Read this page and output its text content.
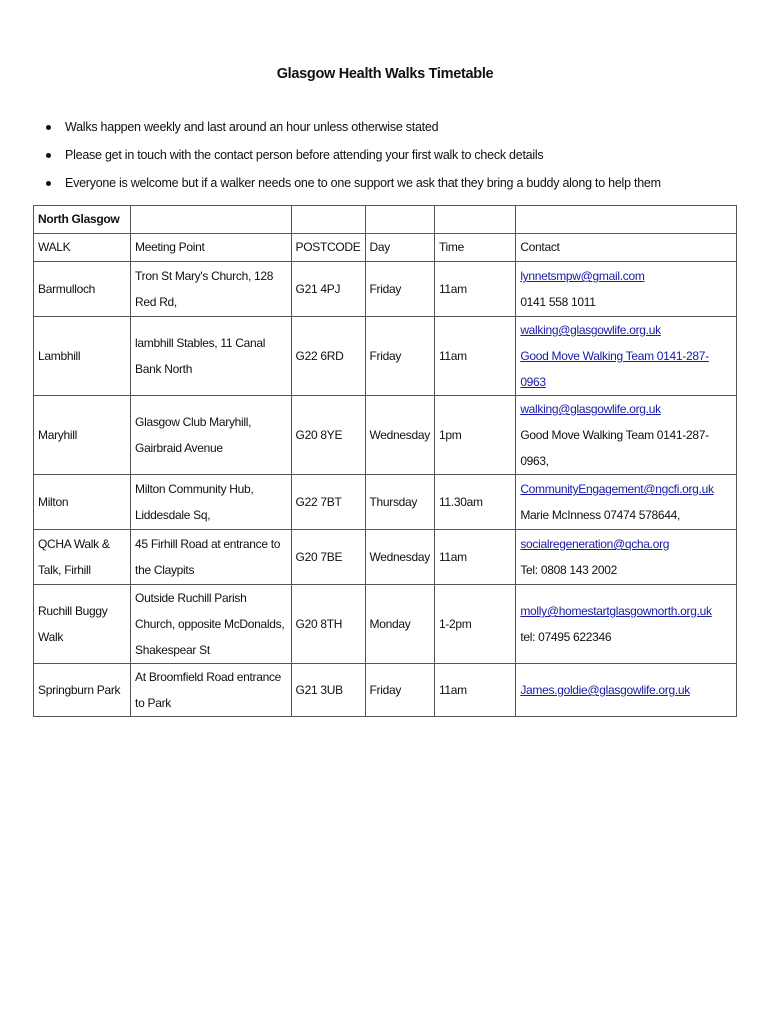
Glasgow Health Walks Timetable
Walks happen weekly and last around an hour unless otherwise stated
Please get in touch with the contact person before attending your first walk to check details
Everyone is welcome but if a walker needs one to one support we ask that they bring a buddy along to help them
North Glasgow					
WALK	Meeting Point	POSTCODE	Day	Time	Contact

Barmulloch	Tron St Mary's Church, 128 Red Rd,	G21 4PJ	Friday	11am	lynnetsmpw@gmail.com
0141 558 1011

Lambhill	lambhill Stables, 11 Canal Bank North	G22 6RD	Friday	11am	walking@glasgowlife.org.uk
Good Move Walking Team 0141-287-0963

Maryhill	Glasgow Club Maryhill, Gairbraid Avenue	G20 8YE	Wednesday	1pm	walking@glasgowlife.org.uk
Good Move Walking Team 0141-287-0963,

Milton	Milton Community Hub, Liddesdale Sq,	G22 7BT	Thursday	11.30am	CommunityEngagement@ngcfi.org.uk
Marie McInness 07474 578644,

QCHA Walk & Talk, Firhill	45 Firhill Road at entrance to the Claypits	G20 7BE	Wednesday	11am	socialregeneration@qcha.org
Tel: 0808 143 2002

Ruchill Buggy Walk	Outside Ruchill Parish Church, opposite McDonalds, Shakespear St	G20 8TH	Monday	1-2pm	molly@homestartglasgownorth.org.uk
tel: 07495 622346

Springburn Park	At Broomfield Road entrance to Park	G21 3UB	Friday	11am	James.goldie@glasgowlife.org.uk
